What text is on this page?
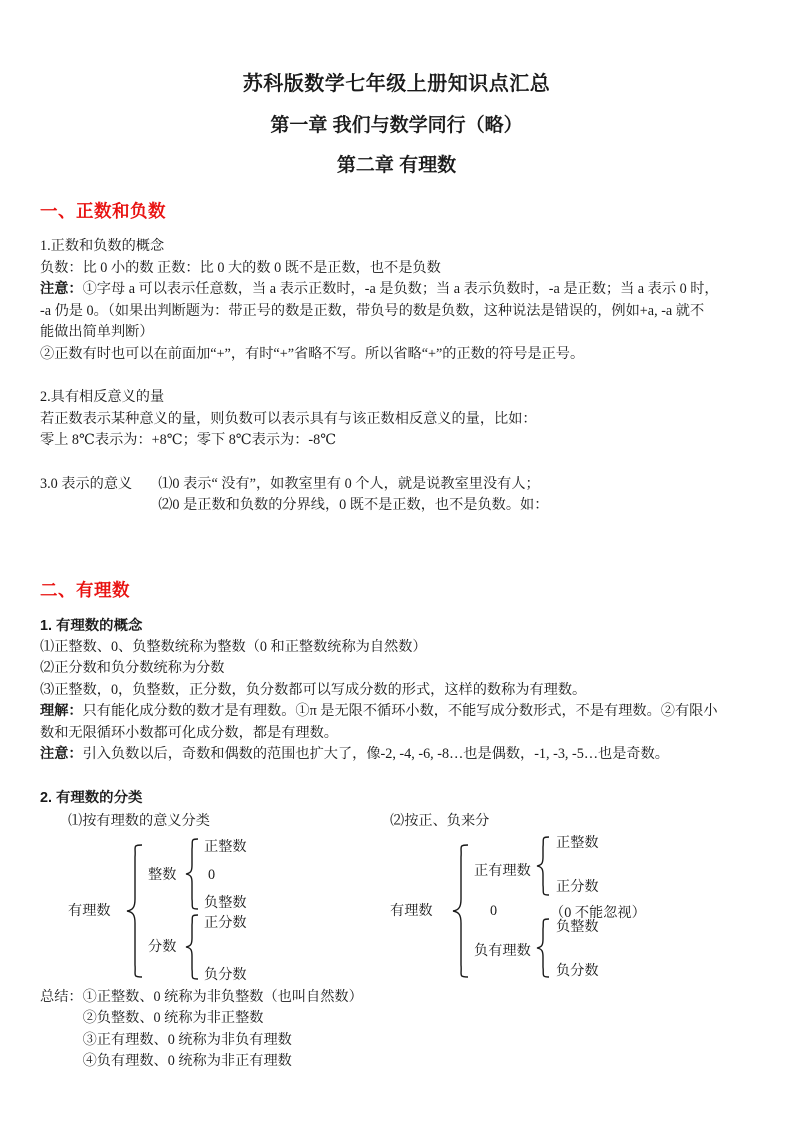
苏科版数学七年级上册知识点汇总
第一章 我们与数学同行（略）
第二章 有理数
一、正数和负数

1.正数和负数的概念

负数：比 0 小的数 正数：比 0 大的数 0 既不是正数，也不是负数

注意：①字母 a 可以表示任意数，当 a 表示正数时，-a 是负数；当 a 表示负数时，-a 是正数；当 a 表示 0 时，

-a 仍是 0。（如果出判断题为：带正号的数是正数，带负号的数是负数，这种说法是错误的，例如+a, -a 就不

能做出简单判断）

②正数有时也可以在前面加“+”，有时“+”省略不写。所以省略“+”的正数的符号是正号。

2.具有相反意义的量

若正数表示某种意义的量，则负数可以表示具有与该正数相反意义的量，比如：

零上 8℃表示为：+8℃；零下 8℃表示为：-8℃

3.0 表示的意义	⑴0 表示“ 没有”，如教室里有 0 个人，就是说教室里没有人；

⑵0 是正数和负数的分界线，0 既不是正数，也不是负数。如：

二、有理数

1. 有理数的概念

⑴正整数、0、负整数统称为整数（0 和正整数统称为自然数）

⑵正分数和负分数统称为分数

⑶正整数，0，负整数，正分数，负分数都可以写成分数的形式，这样的数称为有理数。

理解：只有能化成分数的数才是有理数。①π 是无限不循环小数，不能写成分数形式，不是有理数。②有限小

数和无限循环小数都可化成分数，都是有理数。

注意：引入负数以后，奇数和偶数的范围也扩大了，像-2, -4, -6, -8…也是偶数，-1, -3, -5…也是奇数。

2. 有理数的分类

⑴按有理数的意义分类

有理数
整数
分数
正整数
0
负整数
正分数
负分数

⑵按正、负来分

有理数
正有理数
负有理数
0	（0 不能忽视）
正整数
正分数
负整数
负分数
总结： ①正整数、0 统称为非负整数（也叫自然数）

②负整数、0 统称为非正整数

③正有理数、0 统称为非负有理数

④负有理数、0 统称为非正有理数
